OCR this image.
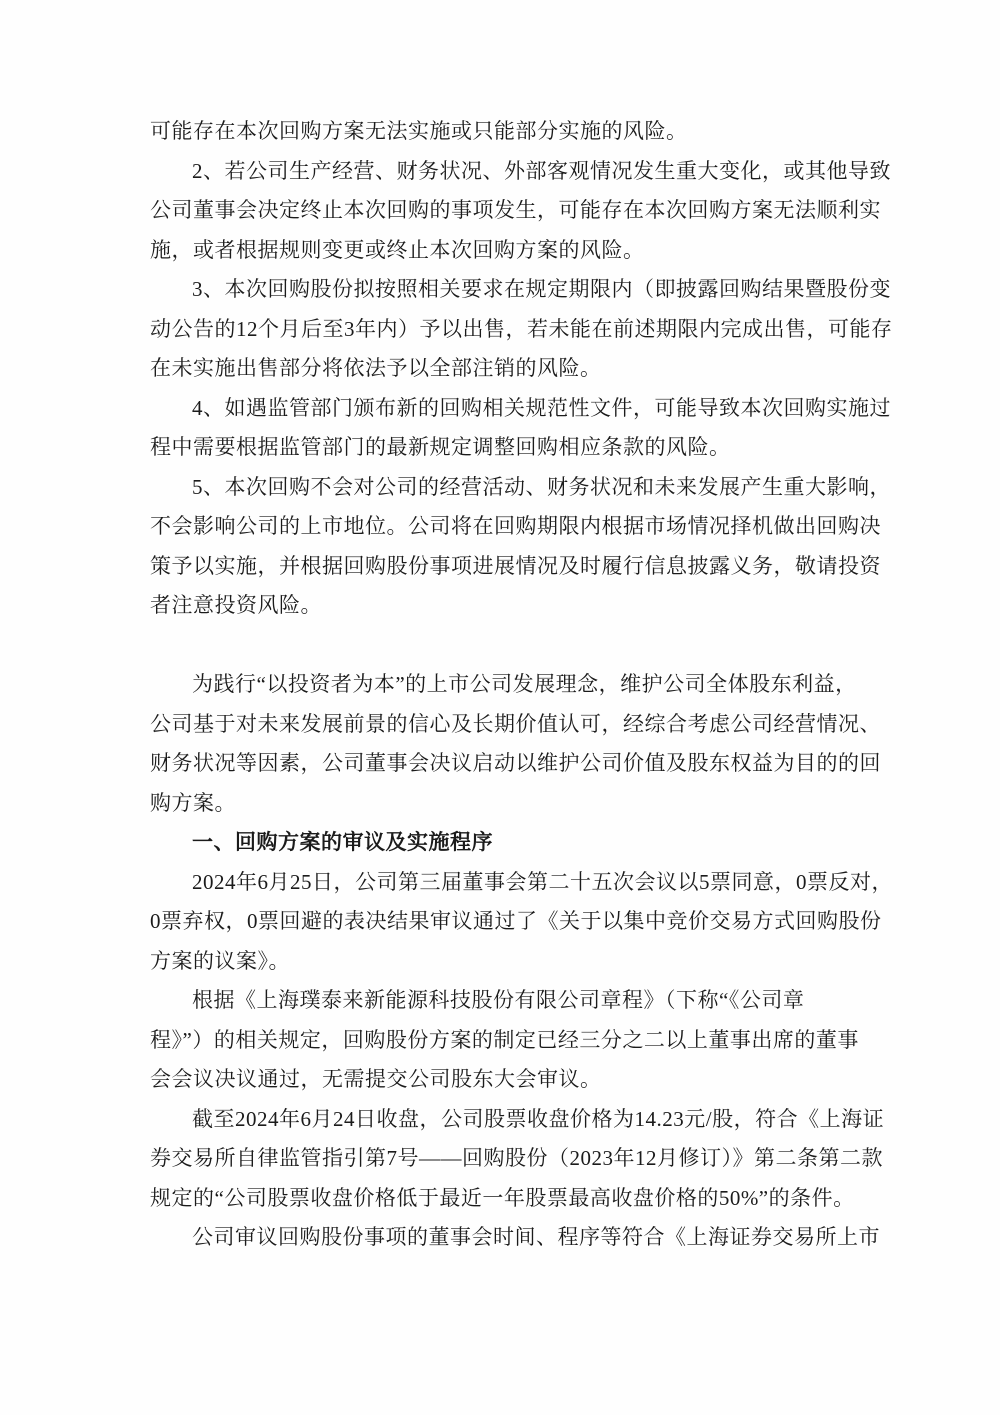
可能存在本次回购方案无法实施或只能部分实施的风险。
2、若公司生产经营、财务状况、外部客观情况发生重大变化，或其他导致
公司董事会决定终止本次回购的事项发生，可能存在本次回购方案无法顺利实
施，或者根据规则变更或终止本次回购方案的风险。
3、本次回购股份拟按照相关要求在规定期限内（即披露回购结果暨股份变
动公告的12个月后至3年内）予以出售，若未能在前述期限内完成出售，可能存
在未实施出售部分将依法予以全部注销的风险。
4、如遇监管部门颁布新的回购相关规范性文件，可能导致本次回购实施过
程中需要根据监管部门的最新规定调整回购相应条款的风险。
5、本次回购不会对公司的经营活动、财务状况和未来发展产生重大影响，
不会影响公司的上市地位。公司将在回购期限内根据市场情况择机做出回购决
策予以实施，并根据回购股份事项进展情况及时履行信息披露义务，敬请投资
者注意投资风险。
为践行“以投资者为本”的上市公司发展理念，维护公司全体股东利益，
公司基于对未来发展前景的信心及长期价值认可，经综合考虑公司经营情况、
财务状况等因素，公司董事会决议启动以维护公司价值及股东权益为目的的回
购方案。
一、回购方案的审议及实施程序
2024年6月25日，公司第三届董事会第二十五次会议以5票同意，0票反对，
0票弃权，0票回避的表决结果审议通过了《关于以集中竞价交易方式回购股份
方案的议案》。
根据《上海璞泰来新能源科技股份有限公司章程》（下称“《公司章
程》”）的相关规定，回购股份方案的制定已经三分之二以上董事出席的董事
会会议决议通过，无需提交公司股东大会审议。
截至2024年6月24日收盘，公司股票收盘价格为14.23元/股，符合《上海证
券交易所自律监管指引第7号——回购股份（2023年12月修订）》第二条第二款
规定的“公司股票收盘价格低于最近一年股票最高收盘价格的50%”的条件。
公司审议回购股份事项的董事会时间、程序等符合《上海证券交易所上市
